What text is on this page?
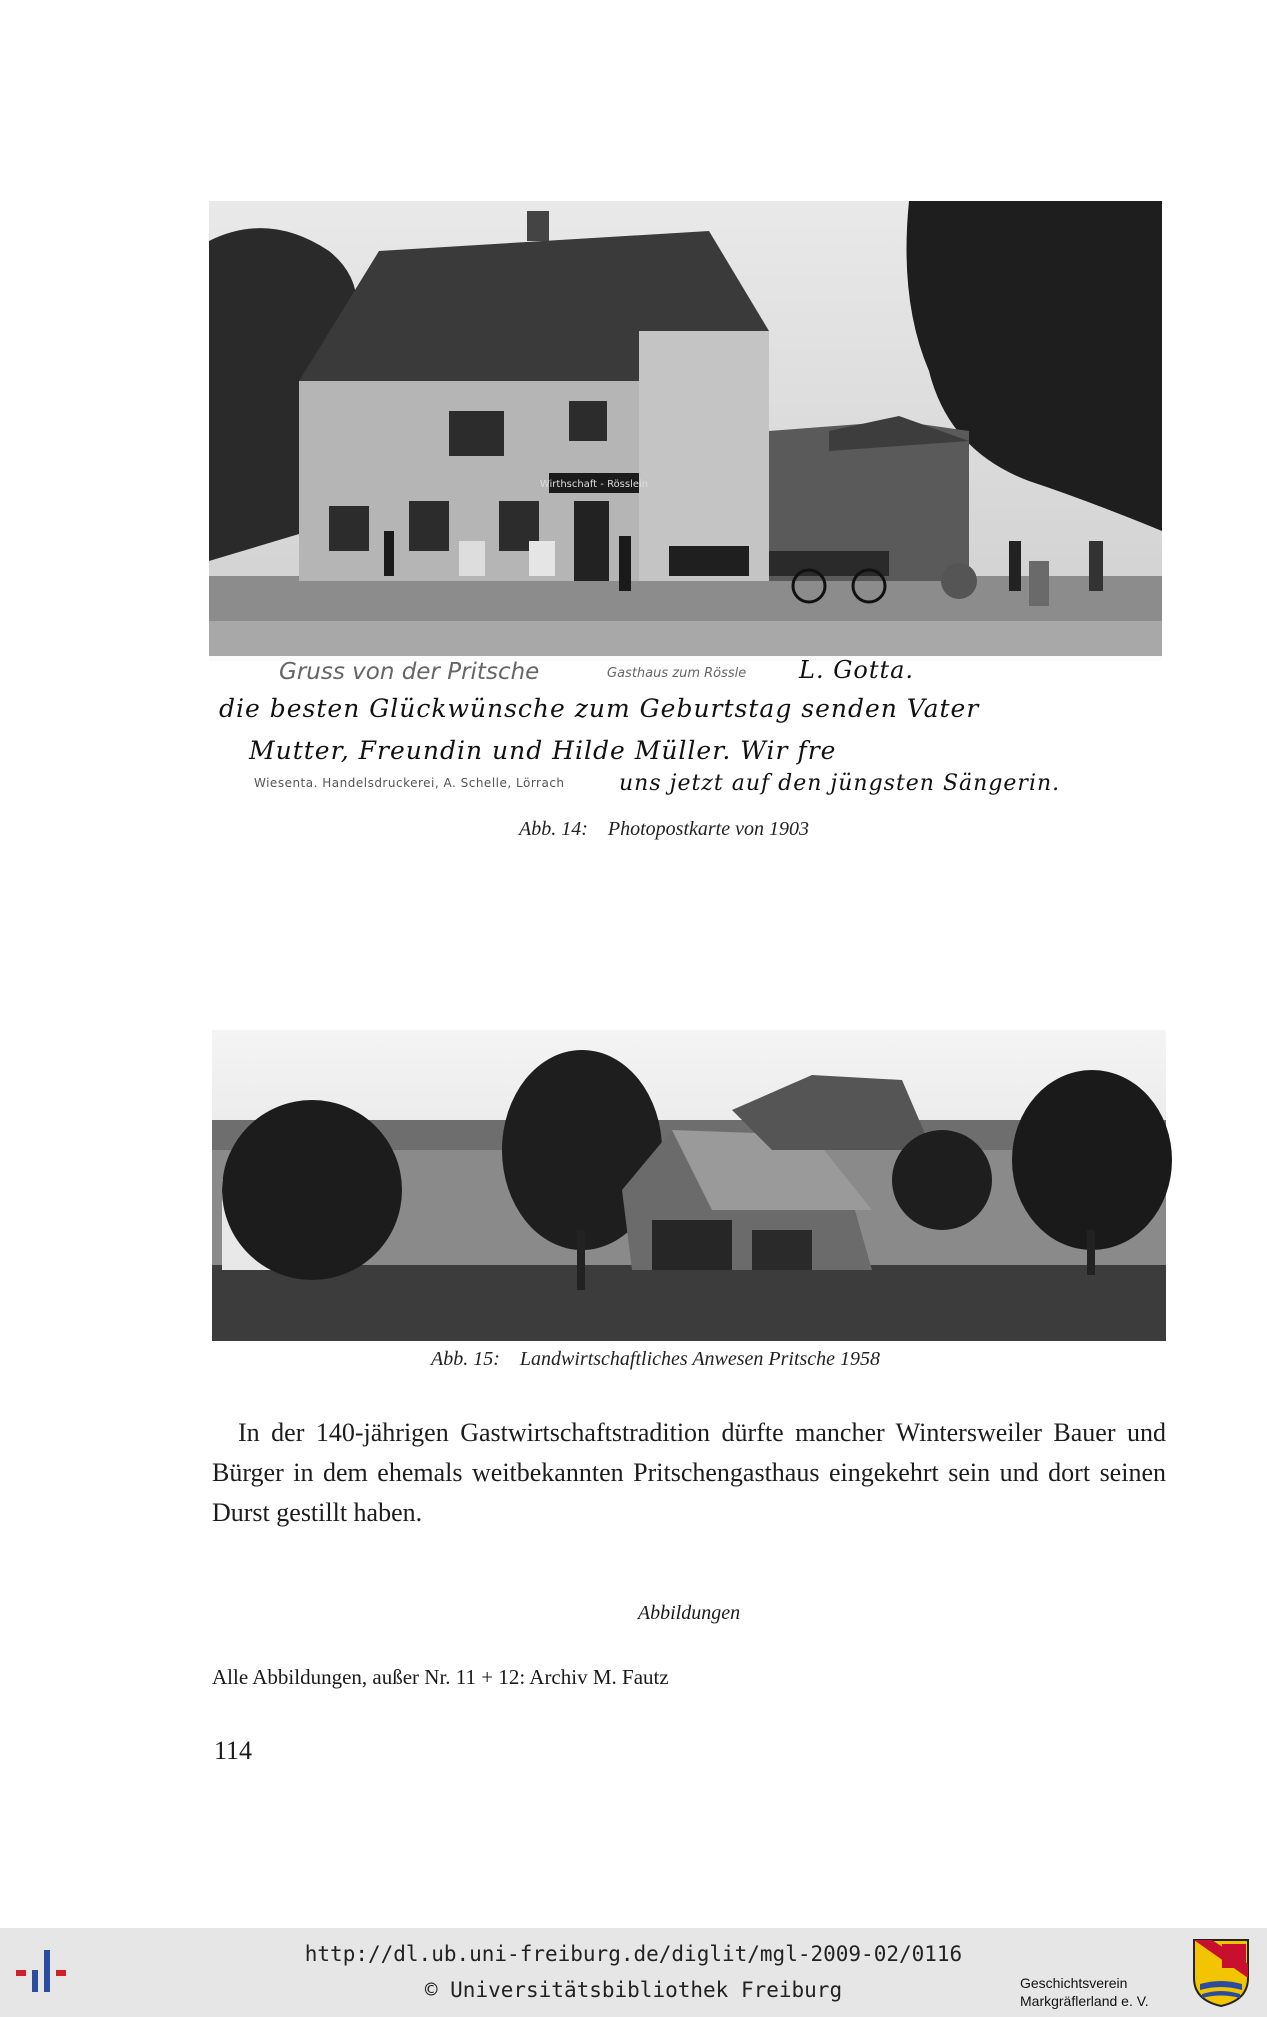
Wirthschaft - Rösslein
Gruss von der Pritsche	Gasthaus zum Rössle
Wiesenta. Handelsdruckerei, A. Schelle, Lörrach
L. Gotta.
die besten Glückwünsche zum Geburtstag senden Vater
Mutter, Freundin und Hilde Müller. Wir fre
uns jetzt auf den jüngsten Sängerin.
Abb. 14: Photopostkarte von 1903
Abb. 15: Landwirtschaftliches Anwesen Pritsche 1958

In der 140-jährigen Gastwirtschaftstradition dürfte mancher Wintersweiler Bauer und Bürger in dem ehemals weitbekannten Pritschengasthaus eingekehrt sein und dort seinen Durst gestillt haben.

Abbildungen
Alle Abbildungen, außer Nr. 11 + 12: Archiv M. Fautz
114
http://dl.ub.uni-freiburg.de/diglit/mgl-2009-02/0116
© Universitätsbibliothek Freiburg	Geschichtsverein
Markgräflerland e. V.
